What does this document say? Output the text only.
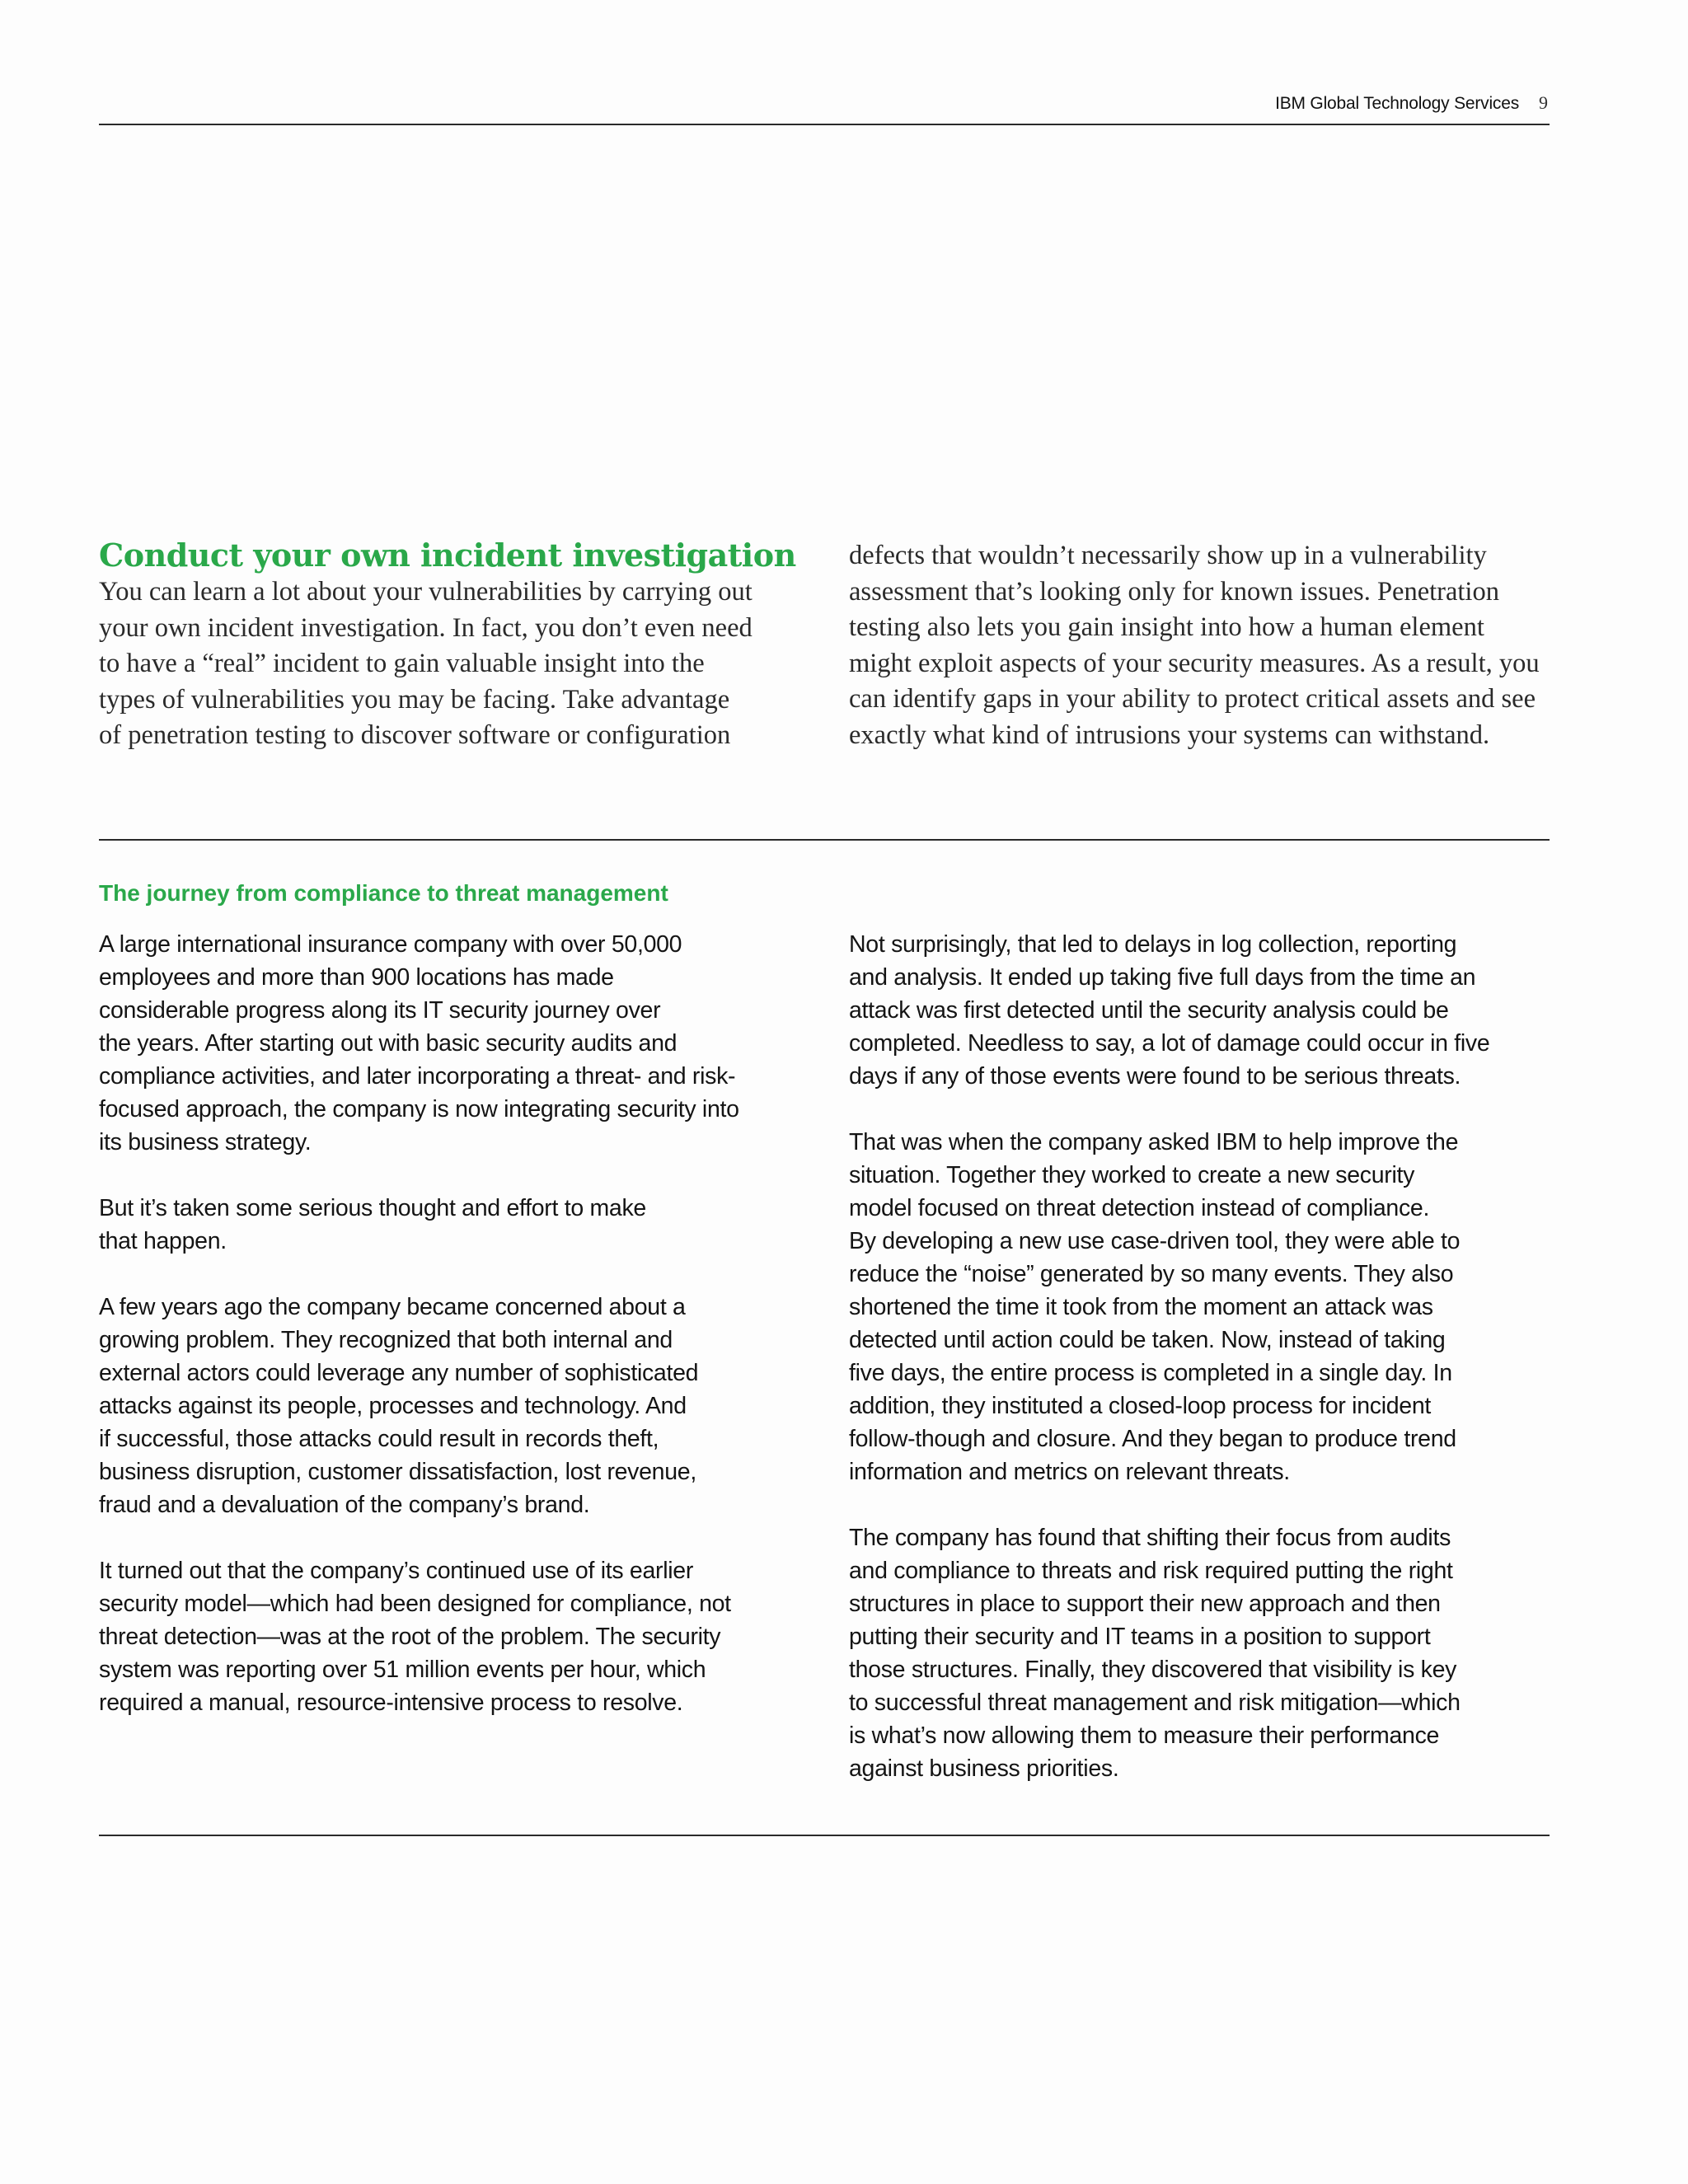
IBM Global Technology Services 9
Conduct your own incident investigation

You can learn a lot about your vulnerabilities by carrying out
your own incident investigation. In fact, you don’t even need
to have a “real” incident to gain valuable insight into the
types of vulnerabilities you may be facing. Take advantage
of penetration testing to discover software or configuration

defects that wouldn’t necessarily show up in a vulnerability
assessment that’s looking only for known issues. Penetration
testing also lets you gain insight into how a human element
might exploit aspects of your security measures. As a result, you
can identify gaps in your ability to protect critical assets and see
exactly what kind of intrusions your systems can withstand.

The journey from compliance to threat management

A large international insurance company with over 50,000
employees and more than 900 locations has made
considerable progress along its IT security journey over
the years. After starting out with basic security audits and
compliance activities, and later incorporating a threat- and risk-
focused approach, the company is now integrating security into
its business strategy.

But it’s taken some serious thought and effort to make
that happen.

A few years ago the company became concerned about a
growing problem. They recognized that both internal and
external actors could leverage any number of sophisticated
attacks against its people, processes and technology. And
if successful, those attacks could result in records theft,
business disruption, customer dissatisfaction, lost revenue,
fraud and a devaluation of the company’s brand.

It turned out that the company’s continued use of its earlier
security model—which had been designed for compliance, not
threat detection—was at the root of the problem. The security
system was reporting over 51 million events per hour, which
required a manual, resource-intensive process to resolve.

Not surprisingly, that led to delays in log collection, reporting
and analysis. It ended up taking five full days from the time an
attack was first detected until the security analysis could be
completed. Needless to say, a lot of damage could occur in five
days if any of those events were found to be serious threats.

That was when the company asked IBM to help improve the
situation. Together they worked to create a new security
model focused on threat detection instead of compliance.
By developing a new use case-driven tool, they were able to
reduce the “noise” generated by so many events. They also
shortened the time it took from the moment an attack was
detected until action could be taken. Now, instead of taking
five days, the entire process is completed in a single day. In
addition, they instituted a closed-loop process for incident
follow-though and closure. And they began to produce trend
information and metrics on relevant threats.

The company has found that shifting their focus from audits
and compliance to threats and risk required putting the right
structures in place to support their new approach and then
putting their security and IT teams in a position to support
those structures. Finally, they discovered that visibility is key
to successful threat management and risk mitigation—which
is what’s now allowing them to measure their performance
against business priorities.
